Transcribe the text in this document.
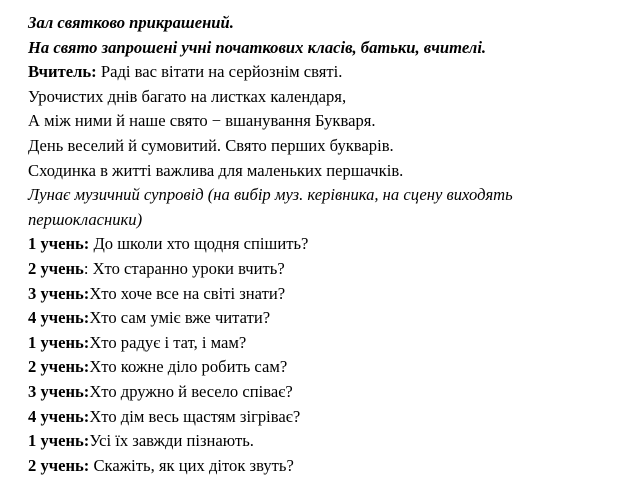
Зал святково прикрашений.
На свято запрошені учні початкових класів, батьки, вчителі.
Вчитель: Раді вас вітати на серйознім святі.
Урочистих днів багато на листках календаря,
А між ними й наше свято − вшанування Букваря.
День веселий й сумовитий. Свято перших букварів.
Сходинка в житті важлива для маленьких першачків.
Лунає музичний супровід (на вибір муз. керівника, на сцену виходять першокласники)
1 учень: До школи хто щодня спішить?
2 учень: Хто старанно уроки вчить?
3 учень:Хто хоче все на світі знати?
4 учень:Хто сам уміє вже читати?
1 учень:Хто радує і тат, і мам?
2 учень:Хто кожне діло робить сам?
3 учень:Хто дружно й весело співає?
4 учень:Хто дім весь щастям зігріває?
1 учень:Усі їх завжди пізнають.
2 учень: Скажіть, як цих діток звуть?
